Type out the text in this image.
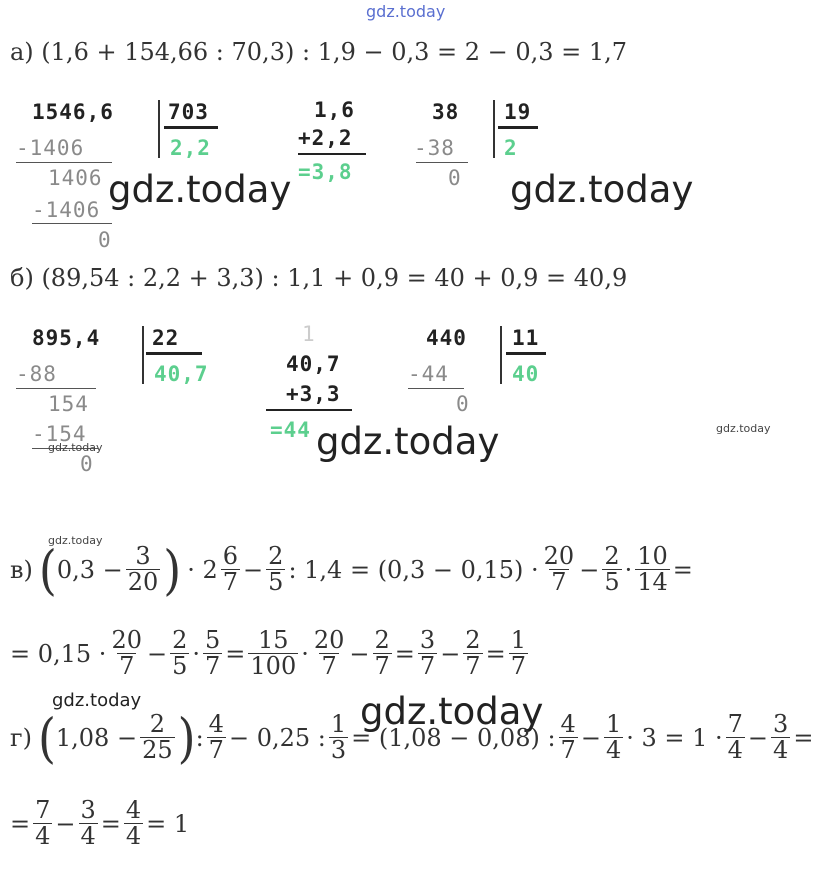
gdz.today
а) (1,6 + 154,66 : 70,3) : 1,9 − 0,3 = 2 − 0,3 = 1,7
1546,6	703
2,2
-1406
1406
-1406
0
1,6
+2,2
=3,8
38 19
2
-38
0
gdz.today	gdz.today
б) (89,54 : 2,2 + 3,3) : 1,1 + 0,9 = 40 + 0,9 = 40,9
895,4 22
40,7
-88
154
-154
0
gdz.today
1
40,7
+3,3
=44
440 11
40
-44
0
gdz.today	gdz.today
gdz.today
в) ( $0,3 - \frac{3}{20}$ ) · $2 \frac{6}{7} - \frac{2}{5}$ : $1,4 = (0,3 - 0,15) \cdot \frac{20}{7} - \frac{2}{5} \cdot \frac{10}{14}$ =
= $0,15 \cdot \frac{20}{7} - \frac{2}{5} \cdot \frac{5}{7} = \frac{15}{100} \cdot \frac{20}{7} - \frac{2}{7} = \frac{3}{7} - \frac{2}{7} = \frac{1}{7}$
gdz.today	gdz.today
г) ( $1,08 - \frac{2}{25}$ ) : $\frac{4}{7} - 0,25$ : $\frac{1}{3} = (1,08 - 0,08)$ : $\frac{4}{7} - \frac{1}{4} \cdot 3 = 1 \cdot \frac{7}{4} - \frac{3}{4}$ =
= $\frac{7}{4} - \frac{3}{4} = \frac{4}{4} = 1$
